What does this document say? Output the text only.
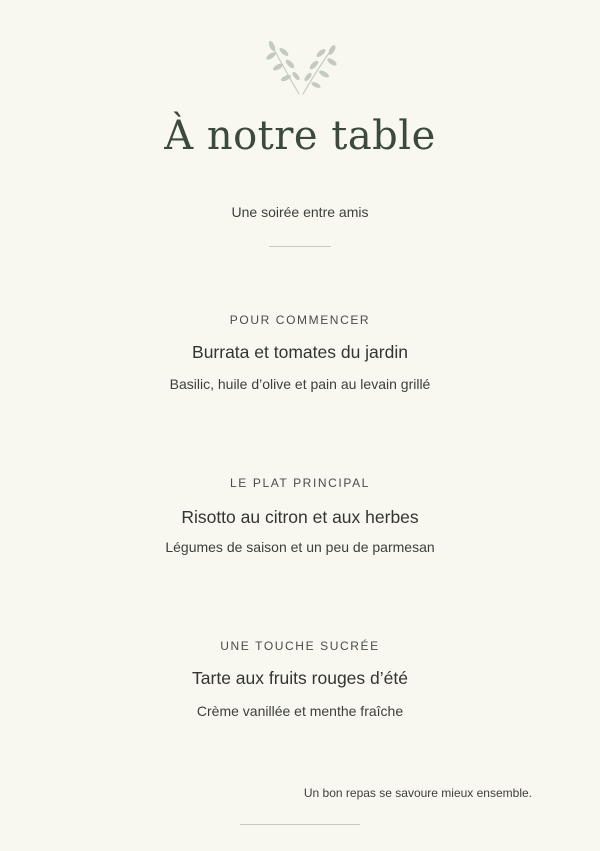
À notre table
Une soirée entre amis
POUR COMMENCER
Burrata et tomates du jardin
Basilic, huile d’olive et pain au levain grillé
LE PLAT PRINCIPAL
Risotto au citron et aux herbes
Légumes de saison et un peu de parmesan
UNE TOUCHE SUCRÉE
Tarte aux fruits rouges d’été
Crème vanillée et menthe fraîche
Un bon repas se savoure mieux ensemble.
